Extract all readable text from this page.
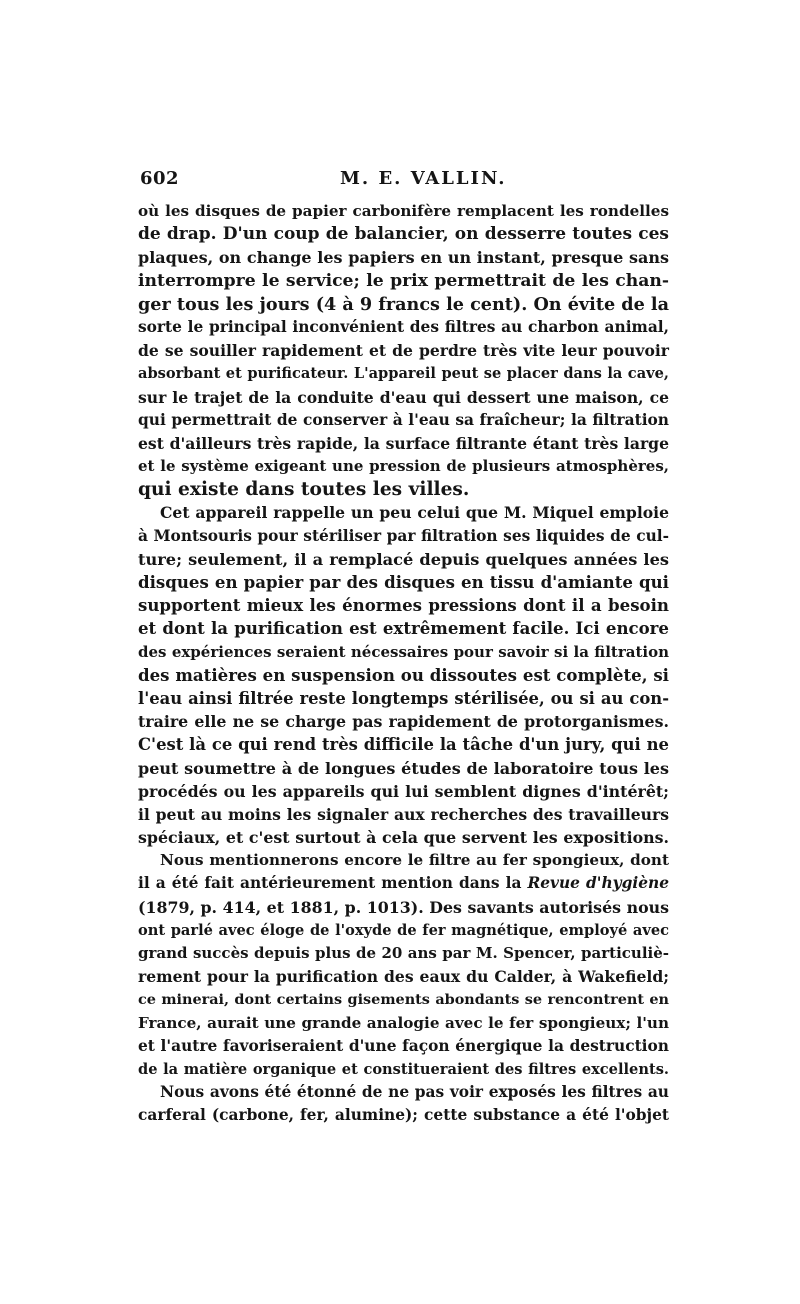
602	M. E. VALLIN.
où les disques de papier carbonifère remplacent les rondelles
de drap. D'un coup de balancier, on desserre toutes ces
plaques, on change les papiers en un instant, presque sans
interrompre le service; le prix permettrait de les chan-
ger tous les jours (4 à 9 francs le cent). On évite de la
sorte le principal inconvénient des filtres au charbon animal,
de se souiller rapidement et de perdre très vite leur pouvoir
absorbant et purificateur. L'appareil peut se placer dans la cave,
sur le trajet de la conduite d'eau qui dessert une maison, ce
qui permettrait de conserver à l'eau sa fraîcheur; la filtration
est d'ailleurs très rapide, la surface filtrante étant très large
et le système exigeant une pression de plusieurs atmosphères,
qui existe dans toutes les villes.
Cet appareil rappelle un peu celui que M. Miquel emploie
à Montsouris pour stériliser par filtration ses liquides de cul-
ture; seulement, il a remplacé depuis quelques années les
disques en papier par des disques en tissu d'amiante qui
supportent mieux les énormes pressions dont il a besoin
et dont la purification est extrêmement facile. Ici encore
des expériences seraient nécessaires pour savoir si la filtration
des matières en suspension ou dissoutes est complète, si
l'eau ainsi filtrée reste longtemps stérilisée, ou si au con-
traire elle ne se charge pas rapidement de protorganismes.
C'est là ce qui rend très difficile la tâche d'un jury, qui ne
peut soumettre à de longues études de laboratoire tous les
procédés ou les appareils qui lui semblent dignes d'intérêt;
il peut au moins les signaler aux recherches des travailleurs
spéciaux, et c'est surtout à cela que servent les expositions.
Nous mentionnerons encore le filtre au fer spongieux, dont
il a été fait antérieurement mention dans la Revue d'hygiène
(1879, p. 414, et 1881, p. 1013). Des savants autorisés nous
ont parlé avec éloge de l'oxyde de fer magnétique, employé avec
grand succès depuis plus de 20 ans par M. Spencer, particuliè-
rement pour la purification des eaux du Calder, à Wakefield;
ce minerai, dont certains gisements abondants se rencontrent en
France, aurait une grande analogie avec le fer spongieux; l'un
et l'autre favoriseraient d'une façon énergique la destruction
de la matière organique et constitueraient des filtres excellents.
Nous avons été étonné de ne pas voir exposés les filtres au
carferal (carbone, fer, alumine); cette substance a été l'objet
